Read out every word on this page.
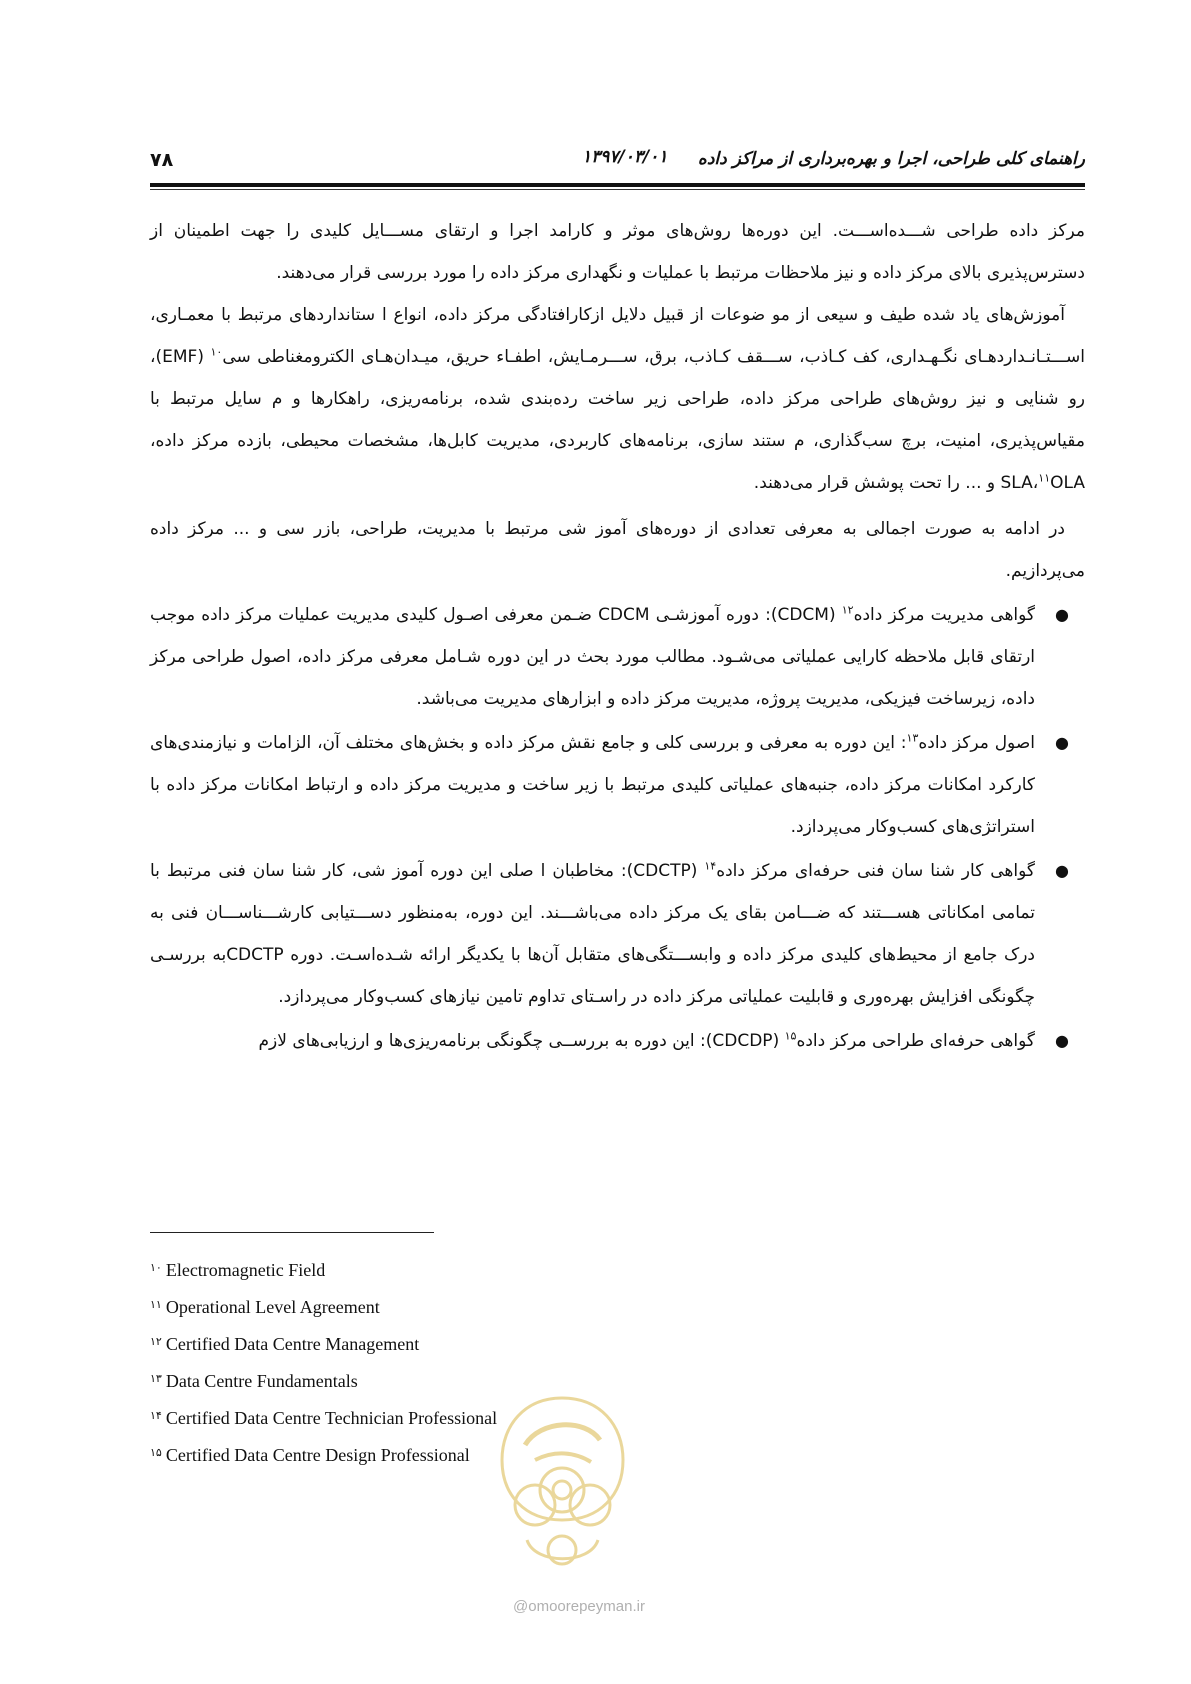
۷۸	۱۳۹۷/۰۳/۰۱ راهنمای کلی طراحی، اجرا و بهره‌برداری از مراکز داده

مرکز داده طراحی شـــده‌اســـت. این دوره‌ها روش‌های موثر و کارامد اجرا و ارتقای مســـایل کلیدی را جهت اطمینان از دسترس‌پذیری بالای مرکز داده و نیز ملاحظات مرتبط با عملیات و نگهداری مرکز داده را مورد بررسی قرار می‌دهند.

آموزش‌های یاد شده طیف و سیعی از مو ضوعات از قبیل دلایل ازکارافتادگی مرکز داده، انواع ا ستانداردهای مرتبط با معمـاری، اســـتـانـداردهـای نگـهـداری، کف کـاذب، ســـقف کـاذب، برق، ســـرمـایش، اطفـاء حریق، میـدان‌هـای الکترومغناطی سی$^{۱۰}$ (EMF)، رو شنایی و نیز روش‌های طراحی مرکز داده، طراحی زیر ساخت رده‌بندی شده، برنامه‌ریزی، راهکارها و م سایل مرتبط با مقیاس‌پذیری، امنیت، برچ سب‌گذاری، م ستند سازی، برنامه‌های کاربردی، مدیریت کابل‌ها، مشخصات محیطی، بازده مرکز داده، SLA،$^{۱۱}$OLA و ... را تحت پوشش قرار می‌دهند.

در ادامه به صورت اجمالی به معرفی تعدادی از دوره‌های آموز شی مرتبط با مدیریت، طراحی، بازر سی و ... مرکز داده می‌پردازیم.

●
گواهی مدیریت مرکز داده$^{۱۲}$ (CDCM): دوره آموزشـی CDCM ضـمن معرفی اصـول کلیدی مدیریت عملیات مرکز داده موجب ارتقای قابل ملاحظه کارایی عملیاتی می‌شـود. مطالب مورد بحث در این دوره شـامل معرفی مرکز داده، اصول طراحی مرکز داده، زیرساخت فیزیکی، مدیریت پروژه، مدیریت مرکز داده و ابزارهای مدیریت می‌باشد.
●
اصول مرکز داده$^{۱۳}$: این دوره به معرفی و بررسی کلی و جامع نقش مرکز داده و بخش‌های مختلف آن، الزامات و نیازمندی‌های کارکرد امکانات مرکز داده، جنبه‌های عملیاتی کلیدی مرتبط با زیر ساخت و مدیریت مرکز داده و ارتباط امکانات مرکز داده با استراتژی‌های کسب‌وکار می‌پردازد.
●
گواهی کار شنا سان فنی حرفه‌ای مرکز داده$^{۱۴}$ (CDCTP): مخاطبان ا صلی این دوره آموز شی، کار شنا سان فنی مرتبط با تمامی امکاناتی هســـتند که ضـــامن بقای یک مرکز داده می‌باشـــند. این دوره، به‌منظور دســـتیابی کارشـــناســـان فنی به درک جامع از محیط‌های کلیدی مرکز داده و وابســـتگی‌های متقابل آن‌ها با یکدیگر ارائه شـده‌اسـت. دوره CDCTPبه بررسـی چگونگی افزایش بهره‌وری و قابلیت عملیاتی مرکز داده در راسـتای تداوم تامین نیازهای کسب‌وکار می‌پردازد.
●
گواهی حرفه‌ای طراحی مرکز داده$^{۱۵}$ (CDCDP): این دوره به بررســی چگونگی برنامه‌ریزی‌ها و ارزیابی‌های لازم
$^{۱۰}$ Electromagnetic Field
$^{۱۱}$ Operational Level Agreement
$^{۱۲}$ Certified Data Centre Management
$^{۱۳}$ Data Centre Fundamentals
$^{۱۴}$ Certified Data Centre Technician Professional
$^{۱۵}$ Certified Data Centre Design Professional
@omoorepeyman.ir
